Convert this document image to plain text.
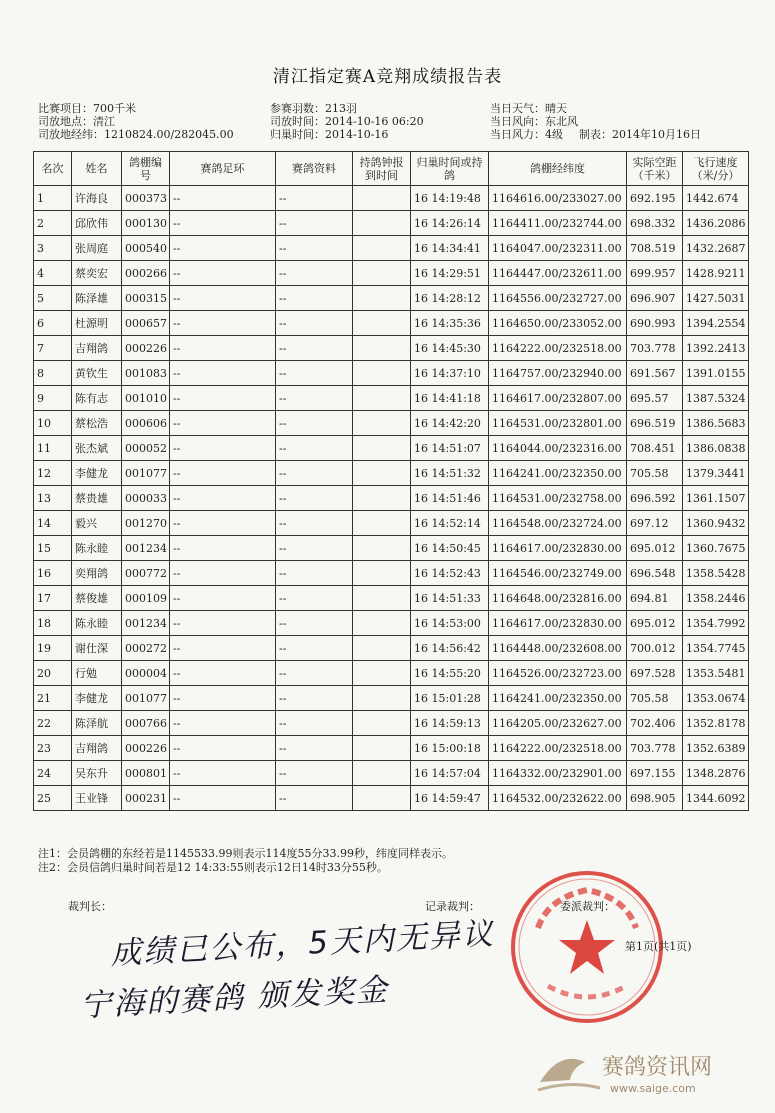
清江指定赛A竞翔成绩报告表
比赛项目：700千米
司放地点：清江
司放地经纬：1210824.00/282045.00
参赛羽数：213羽
司放时间：2014-10-16 06:20
归巢时间：2014-10-16
当日天气：晴天
当日风向：东北风
当日风力：4级 制表：2014年10月16日
名次	姓名	鸽棚编号	赛鸽足环	赛鸽资料	持鸽钟报到时间	归巢时间或持鸽	鸽棚经纬度	实际空距（千米）	飞行速度（米/分）
1	许海良	000373	--	--		16 14:19:48	1164616.00/233027.00	692.195	1442.674
2	邱欣伟	000130	--	--		16 14:26:14	1164411.00/232744.00	698.332	1436.2086
3	张周庭	000540	--	--		16 14:34:41	1164047.00/232311.00	708.519	1432.2687
4	蔡奕宏	000266	--	--		16 14:29:51	1164447.00/232611.00	699.957	1428.9211
5	陈泽雄	000315	--	--		16 14:28:12	1164556.00/232727.00	696.907	1427.5031
6	杜源明	000657	--	--		16 14:35:36	1164650.00/233052.00	690.993	1394.2554
7	吉翔鸽	000226	--	--		16 14:45:30	1164222.00/232518.00	703.778	1392.2413
8	黄钦生	001083	--	--		16 14:37:10	1164757.00/232940.00	691.567	1391.0155
9	陈有志	001010	--	--		16 14:41:18	1164617.00/232807.00	695.57	1387.5324
10	蔡松浩	000606	--	--		16 14:42:20	1164531.00/232801.00	696.519	1386.5683
11	张杰斌	000052	--	--		16 14:51:07	1164044.00/232316.00	708.451	1386.0838
12	李健龙	001077	--	--		16 14:51:32	1164241.00/232350.00	705.58	1379.3441
13	蔡贵雄	000033	--	--		16 14:51:46	1164531.00/232758.00	696.592	1361.1507
14	毅兴	001270	--	--		16 14:52:14	1164548.00/232724.00	697.12	1360.9432
15	陈永睦	001234	--	--		16 14:50:45	1164617.00/232830.00	695.012	1360.7675
16	奕翔鸽	000772	--	--		16 14:52:43	1164546.00/232749.00	696.548	1358.5428
17	蔡俊雄	000109	--	--		16 14:51:33	1164648.00/232816.00	694.81	1358.2446
18	陈永睦	001234	--	--		16 14:53:00	1164617.00/232830.00	695.012	1354.7992
19	谢仕深	000272	--	--		16 14:56:42	1164448.00/232608.00	700.012	1354.7745
20	行勉	000004	--	--		16 14:55:20	1164526.00/232723.00	697.528	1353.5481
21	李健龙	001077	--	--		16 15:01:28	1164241.00/232350.00	705.58	1353.0674
22	陈泽航	000766	--	--		16 14:59:13	1164205.00/232627.00	702.406	1352.8178
23	吉翔鸽	000226	--	--		16 15:00:18	1164222.00/232518.00	703.778	1352.6389
24	吴东升	000801	--	--		16 14:57:04	1164332.00/232901.00	697.155	1348.2876
25	王业锋	000231	--	--		16 14:59:47	1164532.00/232622.00	698.905	1344.6092
注1：会员鸽棚的东经若是1145533.99则表示114度55分33.99秒，纬度同样表示。
注2：会员信鸽归巢时间若是12 14:33:55则表示12日14时33分55秒。
裁判长：	记录裁判：	委派裁判：
成绩已公布，5天内无异议
宁海的赛鸽 颁发奖金
第1页(共1页)
赛鸽资讯网
www.saige.com
